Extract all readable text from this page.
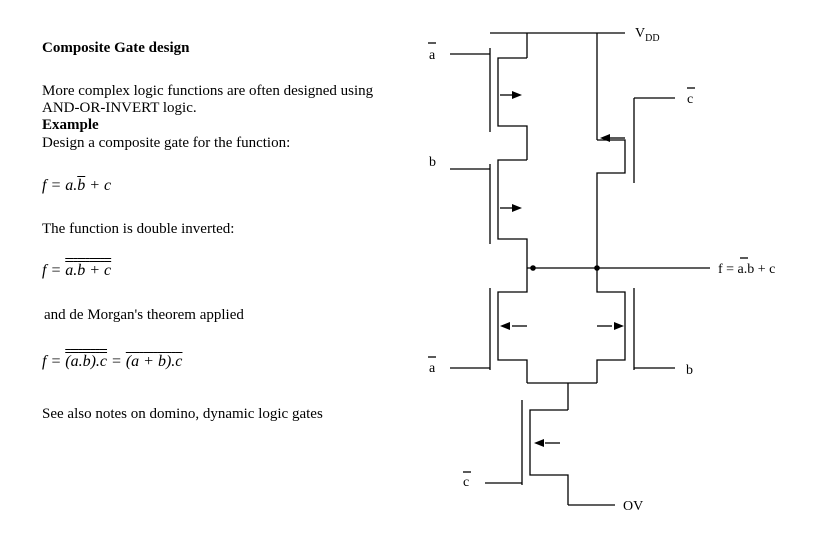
Composite Gate design
More complex logic functions are often designed using
AND-OR-INVERT logic.
Example
Design a composite gate for the function:
$f = a.\overline{b} + c$
The function is double inverted:
f = a.b + c
and de Morgan's theorem applied
f = (a.b).c = (a + b).c
See also notes on domino, dynamic logic gates
$V_{DD}$
a
b
c
f = a.b + c
a	b
c
OV
